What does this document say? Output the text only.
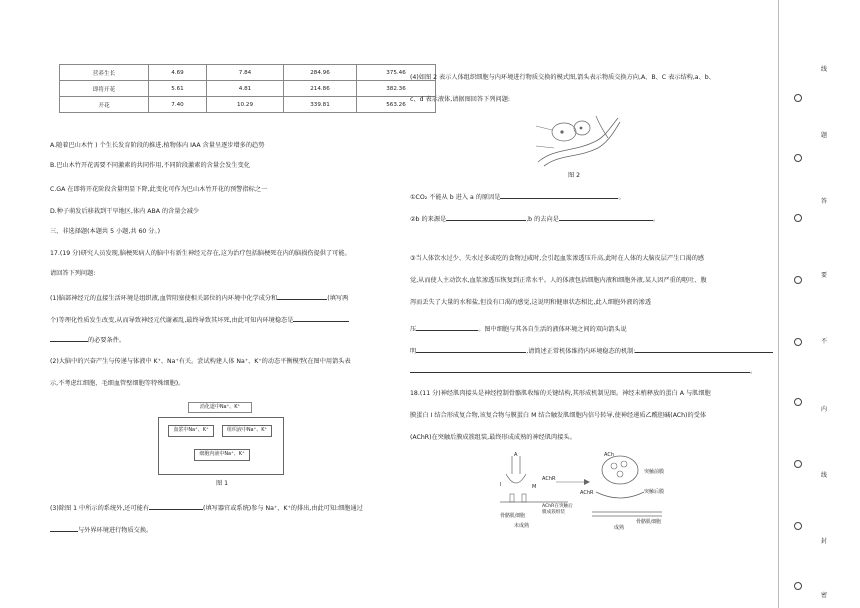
营养生长	4.69	7.84	284.96	375.46
即将开花	5.61	4.81	214.86	382.36
开花	7.40	10.29	339.81	563.26
A.随着巴山木竹 ) 个生长发育阶段的推进,植物体内 IAA 含量呈逐步增多的趋势
B.巴山木竹开花需要不同激素的共同作用,不同阶段激素的含量会发生变化
C.GA 在即将开花阶段含量明显下降,此变化可作为巴山木竹开花的预警指标之一
D.种子萌发后移栽到干旱地区,体内 ABA 的含量会减少
三、非选择题(本题共 5 小题,共 60 分。)
17.(19 分)研究人员发现,脑梗死病人的脑中有新生神经元存在,这为治疗包括脑梗死在内的脑损伤提供了可能。
请回答下列问题:
(1)脑部神经元的直接生活环境是组织液,血管阻塞使相关部位的内环境中化学成分和	(填写两
个)等理化性质发生改变,从而导致神经元代谢紊乱,最终导致其坏死,由此可知内环境稳态是
的必要条件。
(2)大脑中的兴奋产生与传递与体液中 K⁺、Na⁺有关。尝试构建人体 Na⁺、K⁺的动态平衡模型(在图中用箭头表
示,不考虑红细胞、毛细血管壁细胞等特殊细胞)。
消化道中Na⁺、K⁺
血浆中Na⁺、K⁺	组织液中Na⁺、K⁺
细胞内液中Na⁺、K⁺
图 1
(3)除图 1 中所示的系统外,还可能有	(填写器官或系统)参与 Na⁺、K⁺的排出,由此可知:细胞通过
与外界环境进行物质交换。
(4)如图 2 表示人体组织细胞与内环境进行物质交换的模式图,箭头表示物质交换方向,A、B、C 表示结构,a、b、
c、d 表示液体,请据图回答下列问题:
图 2
①CO₂ 不能从 b 进入 a 的原因是	。
②b 的来源是	,b 的去向是	。
③当人体饮水过少、失水过多或吃的食物过咸时,会引起血浆渗透压升高,此时在人体的大脑皮层产生口渴的感
觉,从而使人主动饮水,血浆渗透压恢复到正常水平。人的体液包括细胞内液和细胞外液,某人因严重的呕吐、腹
泻而丢失了大量的水和盐,但没有口渴的感觉,这说明和健康状态相比,此人细胞外液的渗透
压	。图中细胞与其各自生活的液体环境之间的双向箭头说
明	,请简述正常机体维持内环境稳态的机制:
。
18.(11 分)神经肌肉接头是神经控制骨骼肌收缩的关键结构,其形成机制见图。神经末梢释放的蛋白 A 与肌细胞
膜蛋白 I 结合形成复合物,该复合物与膜蛋白 M 结合触发肌细胞内信号转导,使神经递质乙酰胆碱(ACh)的受体
(AChR)在突触后膜成簇组装,最终形成成熟的神经肌肉接头。
A
I	M
AChR
ACh
AChR
突触前膜
突触后膜
AChR在突触后膜成簇组装
骨骼肌细胞
未成熟	成熟
骨骼肌细胞
线
题
答
要
不
内
线
封
密
